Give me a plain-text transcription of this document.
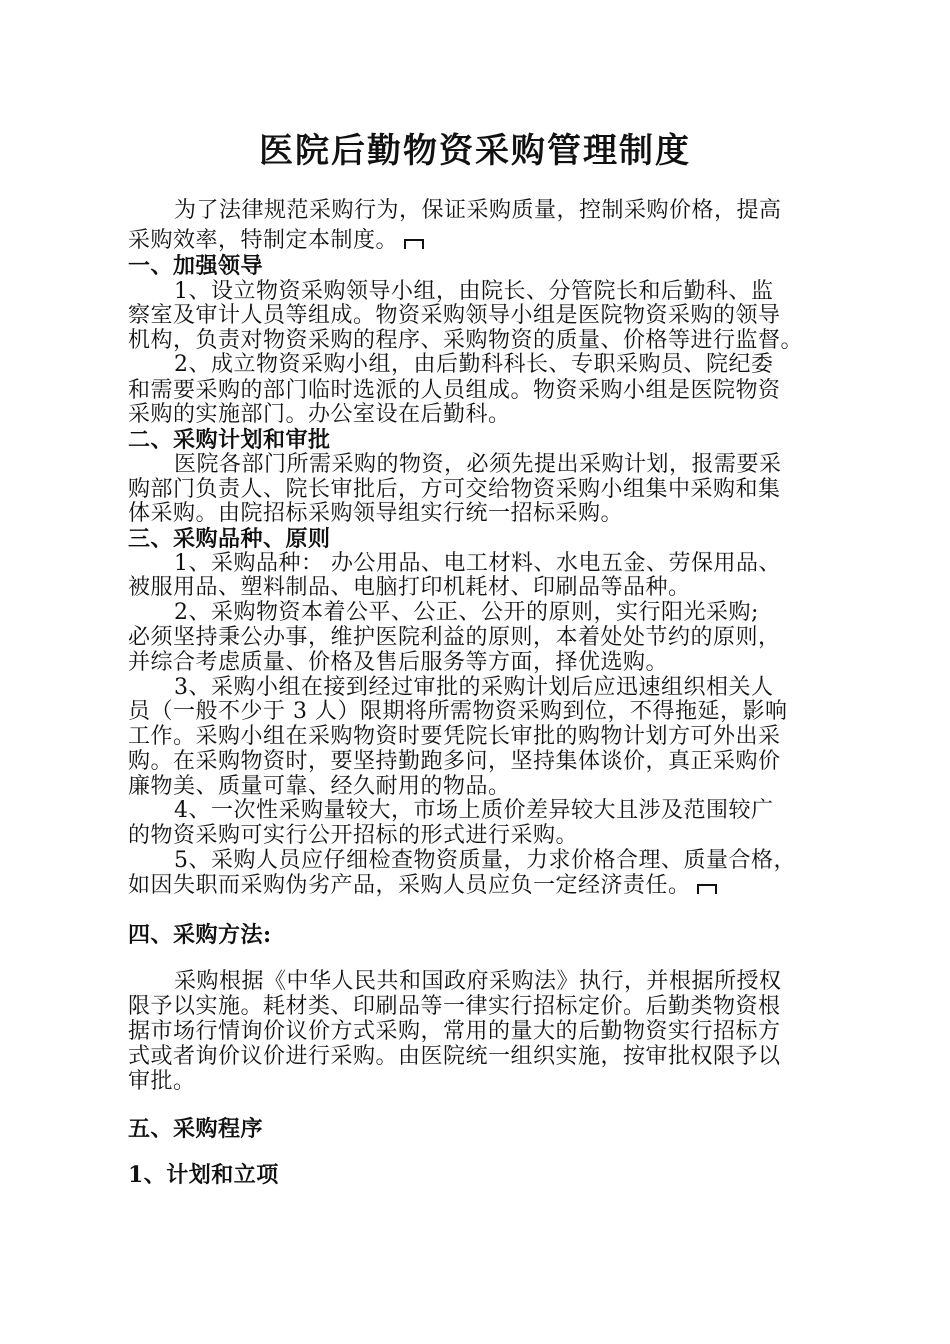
医院后勤物资采购管理制度
为了法律规范采购行为，保证采购质量，控制采购价格，提高
采购效率，特制定本制度。
一、加强领导
1、设立物资采购领导小组，由院长、分管院长和后勤科、监
察室及审计人员等组成。物资采购领导小组是医院物资采购的领导
机构，负责对物资采购的程序、采购物资的质量、价格等进行监督。
2、成立物资采购小组，由后勤科科长、专职采购员、院纪委
和需要采购的部门临时选派的人员组成。物资采购小组是医院物资
采购的实施部门。办公室设在后勤科。
二、采购计划和审批
医院各部门所需采购的物资，必须先提出采购计划，报需要采
购部门负责人、院长审批后，方可交给物资采购小组集中采购和集
体采购。由院招标采购领导组实行统一招标采购。
三、采购品种、原则
1、采购品种： 办公用品、电工材料、水电五金、劳保用品、
被服用品、塑料制品、电脑打印机耗材、印刷品等品种。
2、采购物资本着公平、公正、公开的原则，实行阳光采购;
必须坚持秉公办事，维护医院利益的原则，本着处处节约的原则，
并综合考虑质量、价格及售后服务等方面，择优选购。
3、采购小组在接到经过审批的采购计划后应迅速组织相关人
员（一般不少于 3 人）限期将所需物资采购到位，不得拖延，影响
工作。采购小组在采购物资时要凭院长审批的购物计划方可外出采
购。在采购物资时，要坚持勤跑多问，坚持集体谈价，真正采购价
廉物美、质量可靠、经久耐用的物品。
4、一次性采购量较大，市场上质价差异较大且涉及范围较广
的物资采购可实行公开招标的形式进行采购。
5、采购人员应仔细检查物资质量，力求价格合理、质量合格，
如因失职而采购伪劣产品，采购人员应负一定经济责任。
四、采购方法:
采购根据《中华人民共和国政府采购法》执行，并根据所授权
限予以实施。耗材类、印刷品等一律实行招标定价。后勤类物资根
据市场行情询价议价方式采购，常用的量大的后勤物资实行招标方
式或者询价议价进行采购。由医院统一组织实施，按审批权限予以
审批。
五、采购程序
1、计划和立项
